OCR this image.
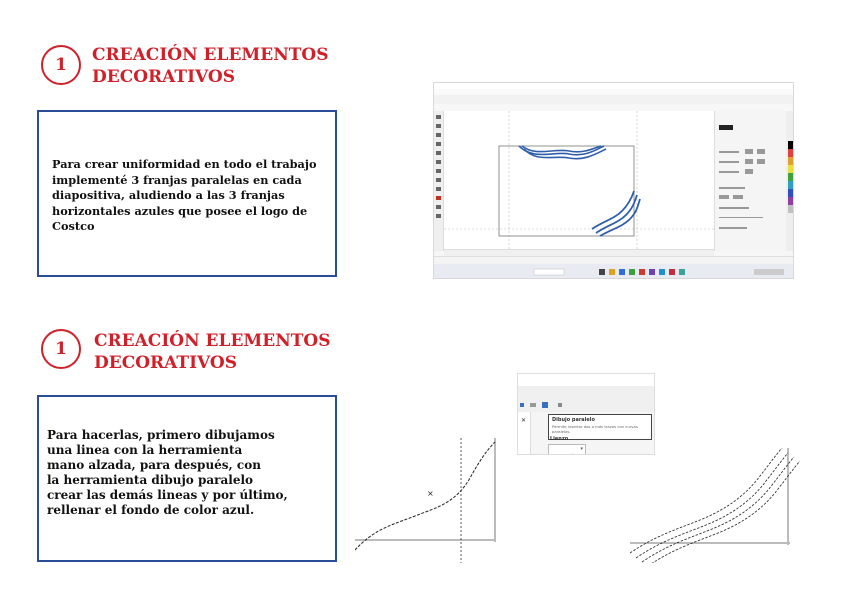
1	CREACIÓN ELEMENTOS
DECORATIVOS
Para crear uniformidad en todo el trabajo
implementé 3 franjas paralelas en cada
diapositiva, aludiendo a las 3 franjas
horizontales azules que posee el logo de
Costco
1	CREACIÓN ELEMENTOS
DECORATIVOS
Para hacerlas, primero dibujamos
una linea con la herramienta
mano alzada, para después, con
la herramienta dibujo paralelo
crear las demás lineas y por último,
rellenar el fondo de color azul.
✕	Dibujo paralelo
Permite insertar dos o más trazos con curvas paralelas.
Lienzo
▾
×
